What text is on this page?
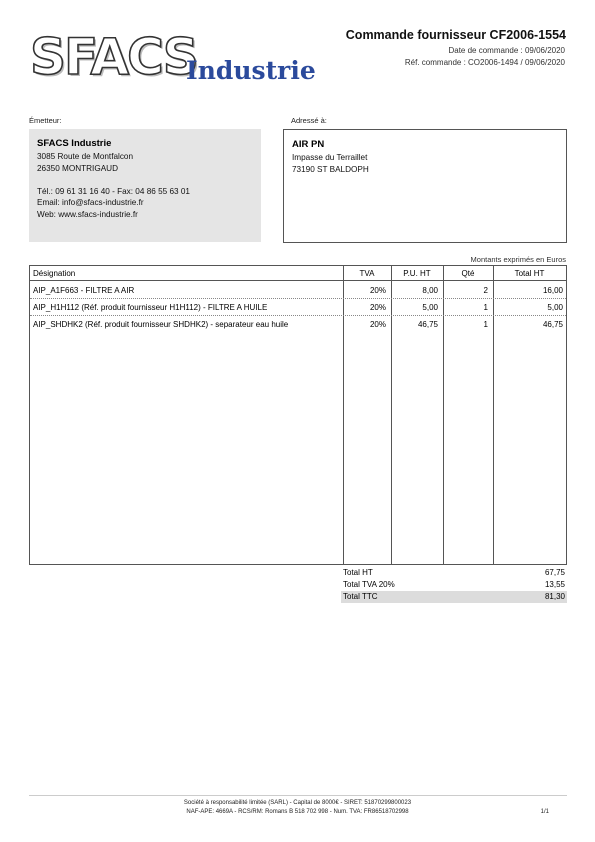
SFACS
Industrie
Commande fournisseur CF2006-1554
Date de commande : 09/06/2020
Réf. commande : CO2006-1494 / 09/06/2020
Émetteur:
SFACS Industrie
3085 Route de Montfalcon
26350 MONTRIGAUD
Tél.: 09 61 31 16 40 - Fax: 04 86 55 63 01
Email: info@sfacs-industrie.fr
Web: www.sfacs-industrie.fr
Adressé à:
AIR PN
Impasse du Terraillet
73190 ST BALDOPH
Montants exprimés en Euros
Désignation	TVA	P.U. HT	Qté	Total HT
AIP_A1F663 - FILTRE A AIR	20%	8,00	2	16,00
AIP_H1H112 (Réf. produit fournisseur H1H112) - FILTRE A HUILE	20%	5,00	1	5,00
AIP_SHDHK2 (Réf. produit fournisseur SHDHK2) - separateur eau huile	20%	46,75	1	46,75
Total HT	67,75
Total TVA 20%	13,55
Total TTC	81,30
Société à responsabilité limitée (SARL) - Capital de 8000€ - SIRET: 51870299800023
NAF-APE: 4669A - RCS/RM: Romans B 518 702 998 - Num. TVA: FR86518702998	1/1
